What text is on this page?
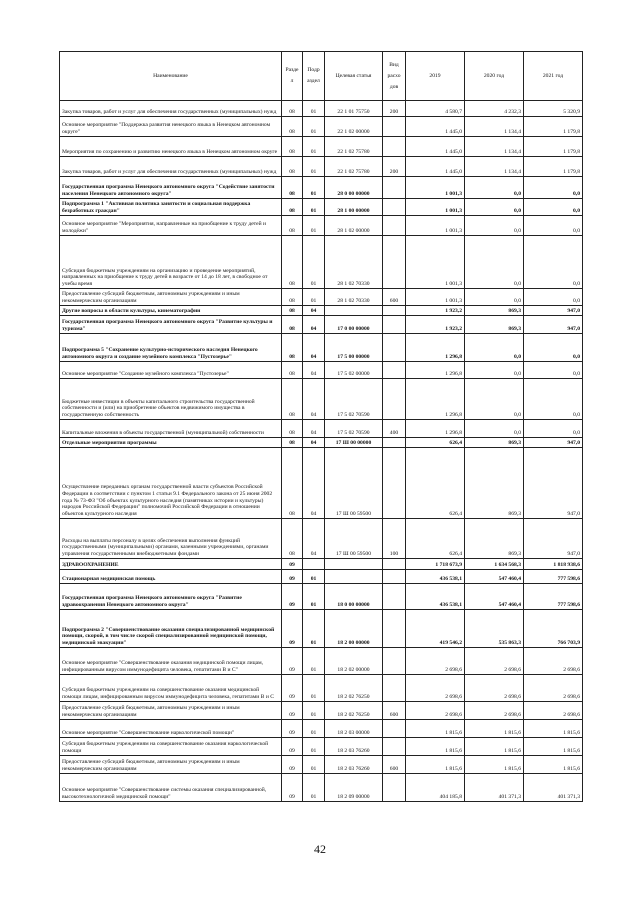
Наименование	Разде л	Подр аздел	Целевая статья	Вид расхо дов	2019	2020 год	2021 год
Закупка товаров, работ и услуг для обеспечения государственных (муниципальных) нужд	08	01	22 1 01 75750	200	4 580,7	4 232,3	5 320,9
Основное мероприятие "Поддержка развития ненецкого языка в Ненецком автономном округе"	08	01	22 1 02 00000		1 445,0	1 134,4	1 179,8
Мероприятия по сохранению и развитию ненецкого языка в Ненецком автономном округе	08	01	22 1 02 75780		1 445,0	1 134,4	1 179,8
Закупка товаров, работ и услуг для обеспечения государственных (муниципальных) нужд	08	01	22 1 02 75780	200	1 445,0	1 134,4	1 179,8
Государственная программа Ненецкого автономного округа "Содействие занятости населения Ненецкого автономного округа"	08	01	28 0 00 00000		1 001,3	0,0	0,0
Подпрограмма 1 "Активная политика занятости и социальная поддержка безработных граждан"	08	01	28 1 00 00000		1 001,3	0,0	0,0
Основное мероприятие "Мероприятия, направленные на приобщение к труду детей и молодёжи"	08	01	28 1 02 00000		1 001,3	0,0	0,0
Субсидия бюджетным учреждениям на организацию и проведение мероприятий, направленных на приобщение к труду детей в возрасте от 14 до 18 лет, в свободное от учебы время	08	01	28 1 02 70330		1 001,3	0,0	0,0
Предоставление субсидий бюджетным, автономным учреждениям и иным некоммерческим организациям	08	01	28 1 02 70330	600	1 001,3	0,0	0,0
Другие вопросы в области культуры, кинематографии	08	04			1 923,2	869,3	947,0
Государственная программа Ненецкого автономного округа "Развитие культуры и туризма"	08	04	17 0 00 00000		1 923,2	869,3	947,0
Подпрограмма 5 "Сохранение культурно-исторического наследия Ненецкого автономного округа и создание музейного комплекса "Пустозерье"	08	04	17 5 00 00000		1 296,8	0,0	0,0
Основное мероприятие "Создание музейного комплекса "Пустозерье"	08	04	17 5 02 00000		1 296,8	0,0	0,0
Бюджетные инвестиции в объекты капитального строительства государственной собственности и (или) на приобретение объектов недвижимого имущества в государственную собственность	08	04	17 5 02 70590		1 296,8	0,0	0,0
Капитальные вложения в объекты государственной (муниципальной) собственности	08	04	17 5 02 70590	400	1 296,8	0,0	0,0
Отдельные мероприятия программы	08	04	17 Ш 00 00000		626,4	869,3	947,0
Осуществление переданных органам государственной власти субъектов Российской Федерации в соответствии с пунктом 1 статьи 9.1 Федерального закона от 25 июня 2002 года № 73-ФЗ "Об объектах культурного наследия (памятниках истории и культуры) народов Российской Федерации" полномочий Российской Федерации в отношении объектов культурного наследия	08	04	17 Ш 00 59500		626,4	869,3	947,0
Расходы на выплаты персоналу в целях обеспечения выполнения функций государственными (муниципальными) органами, казенными учреждениями, органами управления государственными внебюджетными фондами	08	04	17 Ш 00 59500	100	626,4	869,3	947,0
ЗДРАВООХРАНЕНИЕ	09				1 718 673,9	1 634 568,3	1 818 938,6
Стационарная медицинская помощь	09	01			436 538,1	547 460,4	777 598,6
Государственная программа Ненецкого автономного округа "Развитие здравоохранения Ненецкого автономного округа"	09	01	18 0 00 00000		436 538,1	547 460,4	777 598,6
Подпрограмма 2 "Совершенствование оказания специализированной медицинской помощи, скорой, в том числе скорой специализированной медицинской помощи, медицинской эвакуации"	09	01	18 2 00 00000		419 546,2	535 863,3	766 703,9
Основное мероприятие "Совершенствование оказания медицинской помощи лицам, инфицированным вирусом иммунодефицита человека, гепатитами В и С"	09	01	18 2 02 00000		2 698,6	2 698,6	2 698,6
Субсидия бюджетным учреждениям на совершенствование оказания медицинской помощи лицам, инфицированным вирусом иммунодефицита человека, гепатитами В и С	09	01	18 2 02 76250		2 698,6	2 698,6	2 698,6
Предоставление субсидий бюджетным, автономным учреждениям и иным некоммерческим организациям	09	01	18 2 02 76250	600	2 698,6	2 698,6	2 698,6
Основное мероприятие "Совершенствование наркологической помощи"	09	01	18 2 03 00000		1 815,6	1 815,6	1 815,6
Субсидия бюджетным учреждениям на совершенствование оказания наркологической помощи	09	01	18 2 03 76260		1 815,6	1 815,6	1 815,6
Предоставление субсидий бюджетным, автономным учреждениям и иным некоммерческим организациям	09	01	18 2 03 76260	600	1 815,6	1 815,6	1 815,6
Основное мероприятие "Совершенствование системы оказания специализированной, высокотехнологичной медицинской помощи"	09	01	18 2 09 00000		404 185,8	401 371,3	401 371,3
42
